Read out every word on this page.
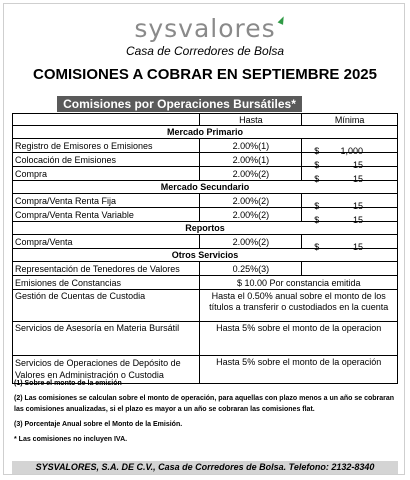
sysvalores
Casa de Corredores de Bolsa
COMISIONES A COBRAR EN SEPTIEMBRE 2025
Comisiones por Operaciones Bursátiles*
	Hasta	Mínima
Mercado Primario		
Registro de Emisores o Emisiones	2.00%(1)	$ 1,000

Colocación de Emisiones	2.00%(1)	$ 15

Compra	2.00%(2)	$ 15

Mercado Secundario		
Compra/Venta Renta Fija	2.00%(2)	$ 15

Compra/Venta Renta Variable	2.00%(2)	$ 15

Reportos		
Compra/Venta	2.00%(2)	$ 15

Otros Servicios		
Representación de Tenedores de Valores	0.25%(3)	
Emisiones de Constancias	$ 10.00 Por constancia emitida	
Gestión de Cuentas de Custodia	Hasta el 0.50% anual sobre el monto de los títulos a transferir o custodiados en la cuenta	
Servicios de Asesoría en Materia Bursátil	Hasta 5% sobre el monto de la operacion	
Servicios de Operaciones de Depósito de Valores en Administración o Custodia	Hasta 5% sobre el monto de la operación	
(1) Sobre el monto de la emisión
(2) Las comisiones se calculan sobre el monto de operación, para aquellas con plazo menos a un año se cobraran las comisiones anualizadas, si el plazo es mayor a un año se cobraran las comisiones flat.
(3) Porcentaje Anual sobre el Monto de la Emisión.
* Las comisiones no incluyen IVA.
SYSVALORES, S.A. DE C.V., Casa de Corredores de Bolsa. Telefono: 2132-8340
